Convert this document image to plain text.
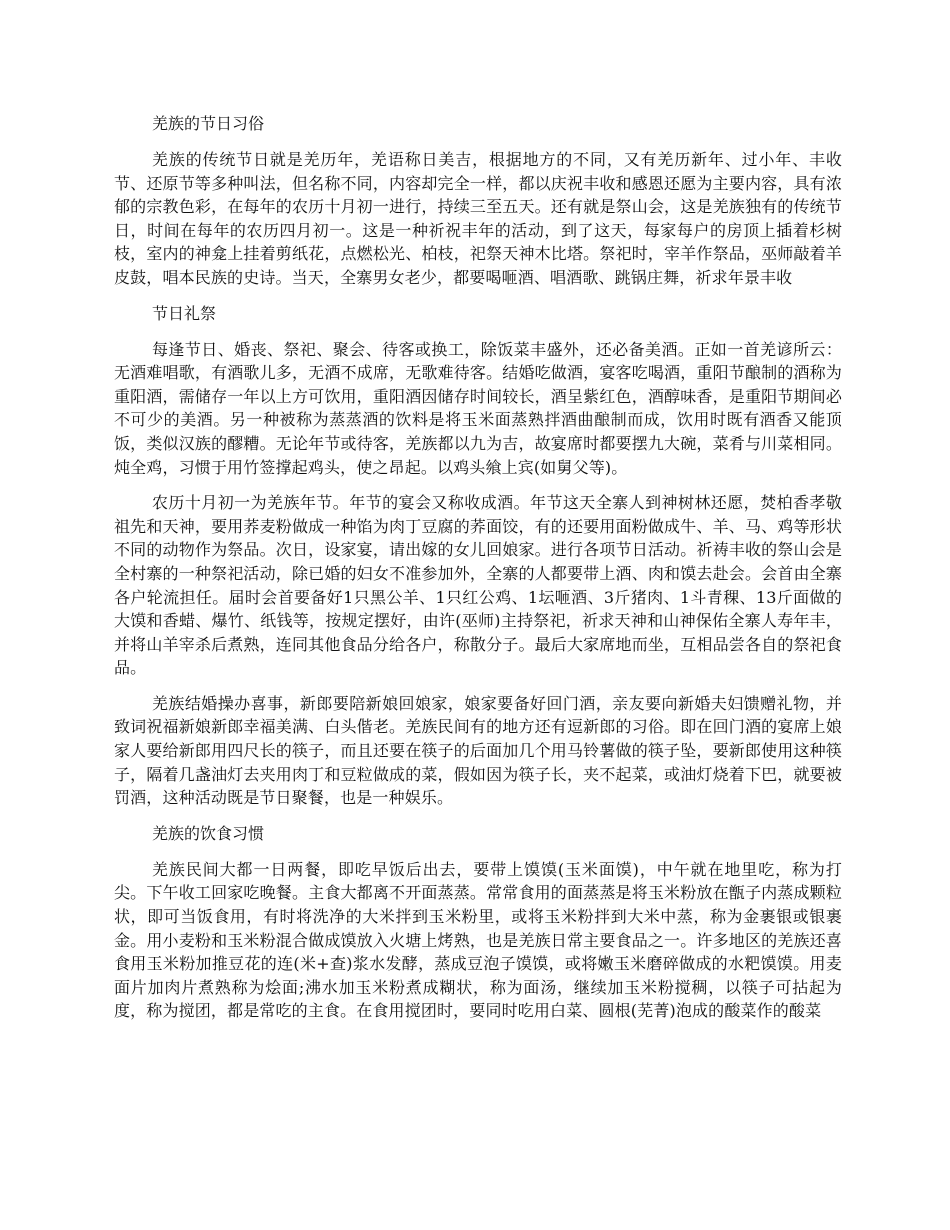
羌族的节日习俗

羌族的传统节日就是羌历年，羌语称日美吉，根据地方的不同，又有羌历新年、过小年、丰收节、还原节等多种叫法，但名称不同，内容却完全一样，都以庆祝丰收和感恩还愿为主要内容，具有浓郁的宗教色彩，在每年的农历十月初一进行，持续三至五天。还有就是祭山会，这是羌族独有的传统节日，时间在每年的农历四月初一。这是一种祈祝丰年的活动，到了这天，每家每户的房顶上插着杉树枝，室内的神龛上挂着剪纸花，点燃松光、柏枝，祀祭天神木比塔。祭祀时，宰羊作祭品，巫师敲着羊皮鼓，唱本民族的史诗。当天，全寨男女老少，都要喝咂酒、唱酒歌、跳锅庄舞，祈求年景丰收

节日礼祭

每逢节日、婚丧、祭祀、聚会、待客或换工，除饭菜丰盛外，还必备美酒。正如一首羌谚所云：无酒难唱歌，有酒歌儿多，无酒不成席，无歌难待客。结婚吃做酒，宴客吃喝酒，重阳节酿制的酒称为重阳酒，需储存一年以上方可饮用，重阳酒因储存时间较长，酒呈紫红色，酒醇味香，是重阳节期间必不可少的美酒。另一种被称为蒸蒸酒的饮料是将玉米面蒸熟拌酒曲酿制而成，饮用时既有酒香又能顶饭，类似汉族的醪糟。无论年节或待客，羌族都以九为吉，故宴席时都要摆九大碗，菜肴与川菜相同。炖全鸡，习惯于用竹签撑起鸡头，使之昂起。以鸡头飨上宾(如舅父等)。

农历十月初一为羌族年节。年节的宴会又称收成酒。年节这天全寨人到神树林还愿，焚柏香孝敬祖先和天神，要用荞麦粉做成一种馅为肉丁豆腐的荞面饺，有的还要用面粉做成牛、羊、马、鸡等形状不同的动物作为祭品。次日，设家宴，请出嫁的女儿回娘家。进行各项节日活动。祈祷丰收的祭山会是全村寨的一种祭祀活动，除已婚的妇女不准参加外，全寨的人都要带上酒、肉和馍去赴会。会首由全寨各户轮流担任。届时会首要备好1只黑公羊、1只红公鸡、1坛咂酒、3斤猪肉、1斗青稞、13斤面做的大馍和香蜡、爆竹、纸钱等，按规定摆好，由许(巫师)主持祭祀，祈求天神和山神保佑全寨人寿年丰，并将山羊宰杀后煮熟，连同其他食品分给各户，称散分子。最后大家席地而坐，互相品尝各自的祭祀食品。

羌族结婚操办喜事，新郎要陪新娘回娘家，娘家要备好回门酒，亲友要向新婚夫妇馈赠礼物，并致词祝福新娘新郎幸福美满、白头偕老。羌族民间有的地方还有逗新郎的习俗。即在回门酒的宴席上娘家人要给新郎用四尺长的筷子，而且还要在筷子的后面加几个用马铃薯做的筷子坠，要新郎使用这种筷子，隔着几盏油灯去夹用肉丁和豆粒做成的菜，假如因为筷子长，夹不起菜，或油灯烧着下巴，就要被罚酒，这种活动既是节日聚餐，也是一种娱乐。

羌族的饮食习惯

羌族民间大都一日两餐，即吃早饭后出去，要带上馍馍(玉米面馍)，中午就在地里吃，称为打尖。下午收工回家吃晚餐。主食大都离不开面蒸蒸。常常食用的面蒸蒸是将玉米粉放在甑子内蒸成颗粒状，即可当饭食用，有时将洗净的大米拌到玉米粉里，或将玉米粉拌到大米中蒸，称为金裹银或银裹金。用小麦粉和玉米粉混合做成馍放入火塘上烤熟，也是羌族日常主要食品之一。许多地区的羌族还喜食用玉米粉加推豆花的连(米+查)浆水发酵，蒸成豆泡子馍馍，或将嫩玉米磨碎做成的水粑馍馍。用麦面片加肉片煮熟称为烩面;沸水加玉米粉煮成糊状，称为面汤，继续加玉米粉搅稠，以筷子可拈起为度，称为搅团，都是常吃的主食。在食用搅团时，要同时吃用白菜、圆根(芜菁)泡成的酸菜作的酸菜
